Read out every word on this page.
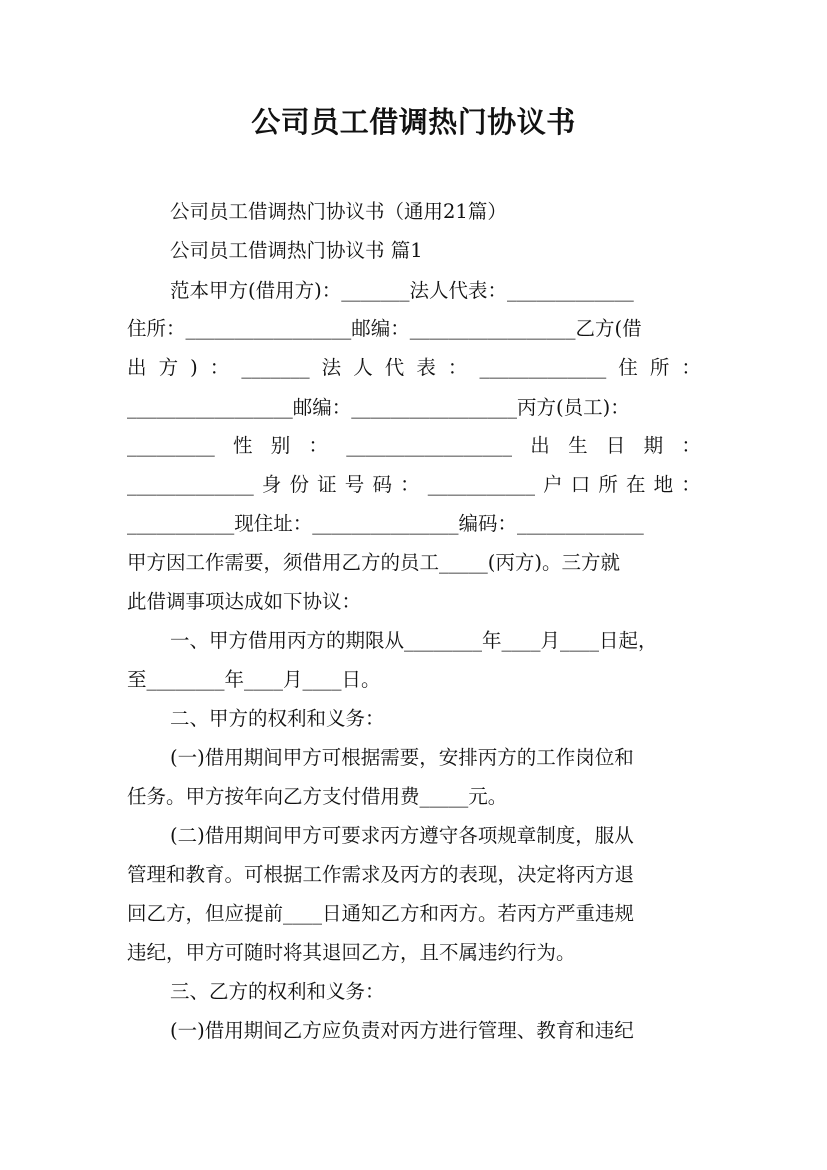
公司员工借调热门协议书
公司员工借调热门协议书（通用21篇）
公司员工借调热门协议书 篇1
范本甲方(借用方)：_______法人代表：_____________
住所：_________________邮编：_________________乙方(借
出 方 ) ： _______ 法 人 代 表 ： _____________ 住 所 ：
_________________邮编：_________________丙方(员工)：
_________ 性 别 ： _________________ 出 生 日 期 ：
_____________ 身 份 证 号 码 ： ___________ 户 口 所 在 地 ：
___________现住址：_______________编码：_____________
甲方因工作需要，须借用乙方的员工_____(丙方)。三方就
此借调事项达成如下协议：
一、甲方借用丙方的期限从________年____月____日起，
至________年____月____日。
二、甲方的权利和义务：
(一)借用期间甲方可根据需要，安排丙方的工作岗位和
任务。甲方按年向乙方支付借用费_____元。
(二)借用期间甲方可要求丙方遵守各项规章制度，服从
管理和教育。可根据工作需求及丙方的表现，决定将丙方退
回乙方，但应提前____日通知乙方和丙方。若丙方严重违规
违纪，甲方可随时将其退回乙方，且不属违约行为。
三、乙方的权利和义务：
(一)借用期间乙方应负责对丙方进行管理、教育和违纪
